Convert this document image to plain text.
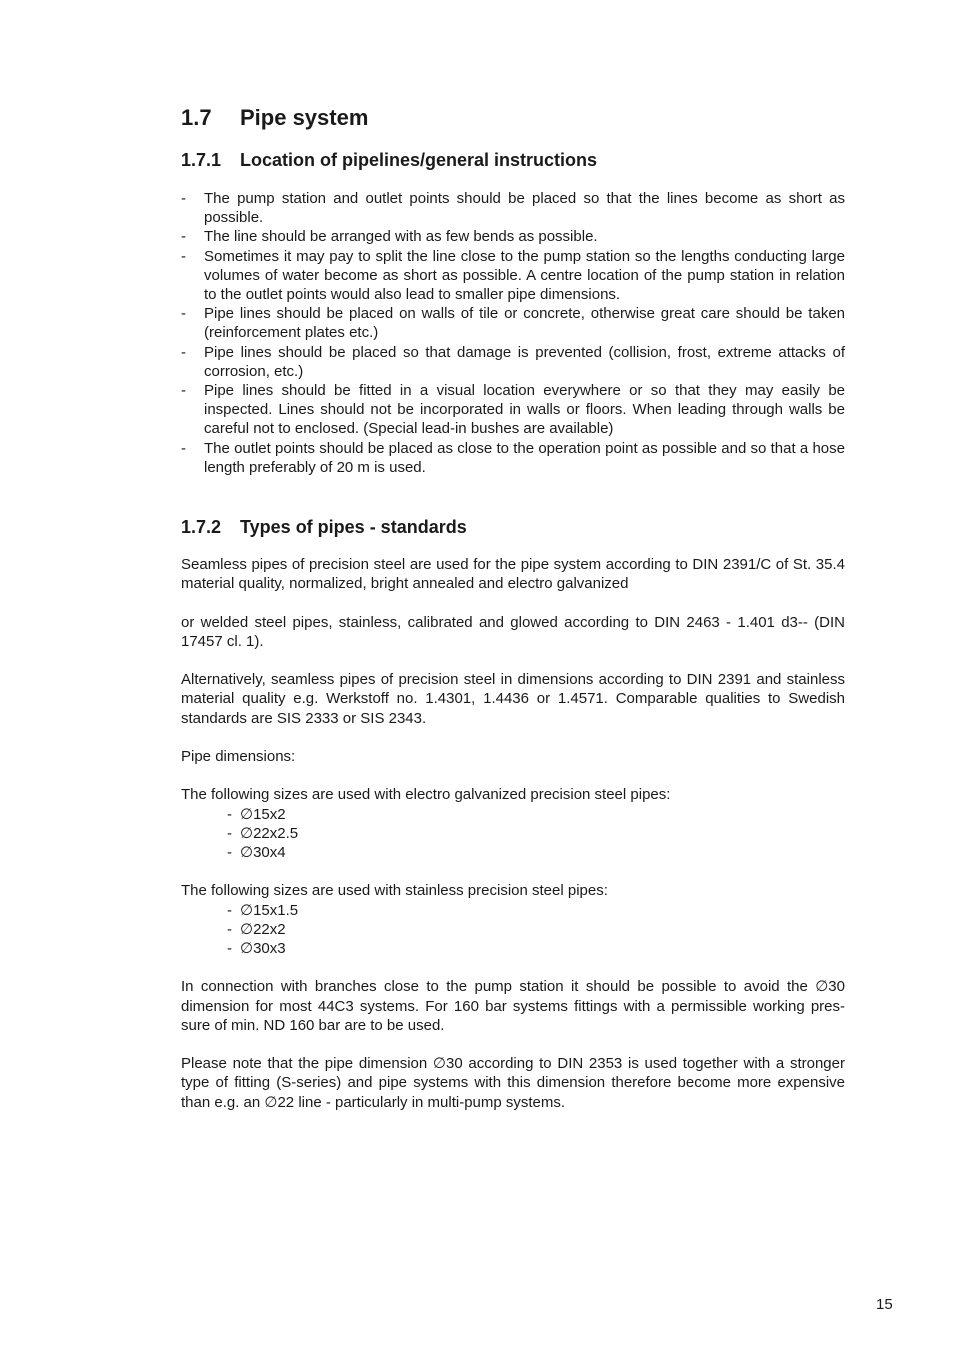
1.7 Pipe system
1.7.1 Location of pipelines/general instructions
- The pump station and outlet points should be placed so that the lines become as short as possible.
- The line should be arranged with as few bends as possible.
- Sometimes it may pay to split the line close to the pump station so the lengths conducting large volumes of water become as short as possible. A centre location of the pump station in relation to the outlet points would also lead to smaller pipe dimensions.
- Pipe lines should be placed on walls of tile or concrete, otherwise great care should be taken (reinforcement plates etc.)
- Pipe lines should be placed so that damage is prevented (collision, frost, extreme attacks of corrosion, etc.)
- Pipe lines should be fitted in a visual location everywhere or so that they may easily be inspected. Lines should not be incorporated in walls or floors. When leading through walls be careful not to enclosed. (Special lead-in bushes are available)
- The outlet points should be placed as close to the operation point as possible and so that a hose length preferably of 20 m is used.
1.7.2 Types of pipes - standards

Seamless pipes of precision steel are used for the pipe system according to DIN 2391/C of St. 35.4 material quality, normalized, bright annealed and electro galvanized

or welded steel pipes, stainless, calibrated and glowed according to DIN 2463 - 1.401 d3-- (DIN 17457 cl. 1).

Alternatively, seamless pipes of precision steel in dimensions according to DIN 2391 and stainless material quality e.g. Werkstoff no. 1.4301, 1.4436 or 1.4571. Comparable qualities to Swedish standards are SIS 2333 or SIS 2343.

Pipe dimensions:

The following sizes are used with electro galvanized precision steel pipes:

- ∅15x2
- ∅22x2.5
- ∅30x4

The following sizes are used with stainless precision steel pipes:

- ∅15x1.5
- ∅22x2
- ∅30x3

In connection with branches close to the pump station it should be possible to avoid the ∅30 dimension for most 44C3 systems. For 160 bar systems fittings with a permissible working pres- sure of min. ND 160 bar are to be used.

Please note that the pipe dimension ∅30 according to DIN 2353 is used together with a stronger type of fitting (S-series) and pipe systems with this dimension therefore become more expensive than e.g. an ∅22 line - particularly in multi-pump systems.

15
